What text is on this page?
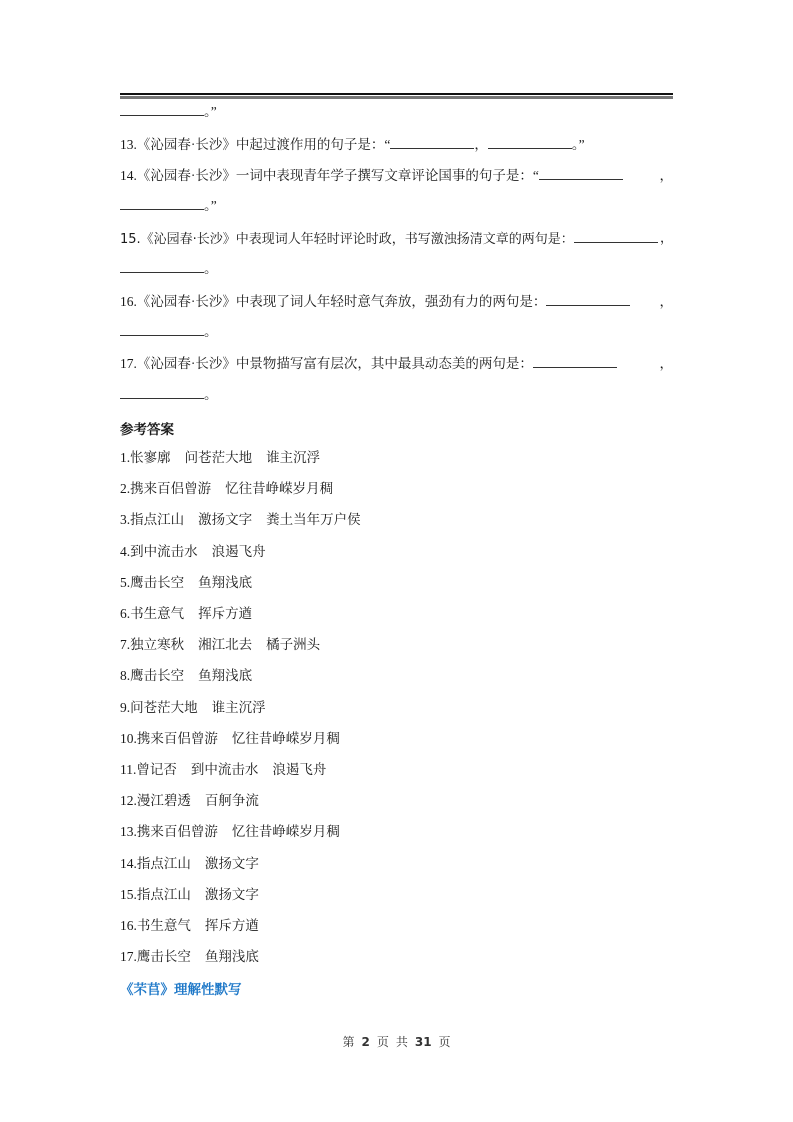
。”
13.《沁园春·长沙》中起过渡作用的句子是：“	，	。”
14.《沁园春·长沙》一词中表现青年学子撰写文章评论国事的句子是：“	，
。”
15.《沁园春·长沙》中表现词人年轻时评论时政，书写激浊扬清文章的两句是：	，
。
16.《沁园春·长沙》中表现了词人年轻时意气奔放，强劲有力的两句是：	，
。
17.《沁园春·长沙》中景物描写富有层次，其中最具动态美的两句是：	，
。
参考答案
1.怅寥廓 问苍茫大地 谁主沉浮
2.携来百侣曾游 忆往昔峥嵘岁月稠
3.指点江山 激扬文字 粪土当年万户侯
4.到中流击水 浪遏飞舟
5.鹰击长空 鱼翔浅底
6.书生意气 挥斥方遒
7.独立寒秋 湘江北去 橘子洲头
8.鹰击长空 鱼翔浅底
9.问苍茫大地 谁主沉浮
10.携来百侣曾游 忆往昔峥嵘岁月稠
11.曾记否 到中流击水 浪遏飞舟
12.漫江碧透 百舸争流
13.携来百侣曾游 忆往昔峥嵘岁月稠
14.指点江山 激扬文字
15.指点江山 激扬文字
16.书生意气 挥斥方遒
17.鹰击长空 鱼翔浅底
《芣苢》理解性默写
第 2 页 共 31 页
